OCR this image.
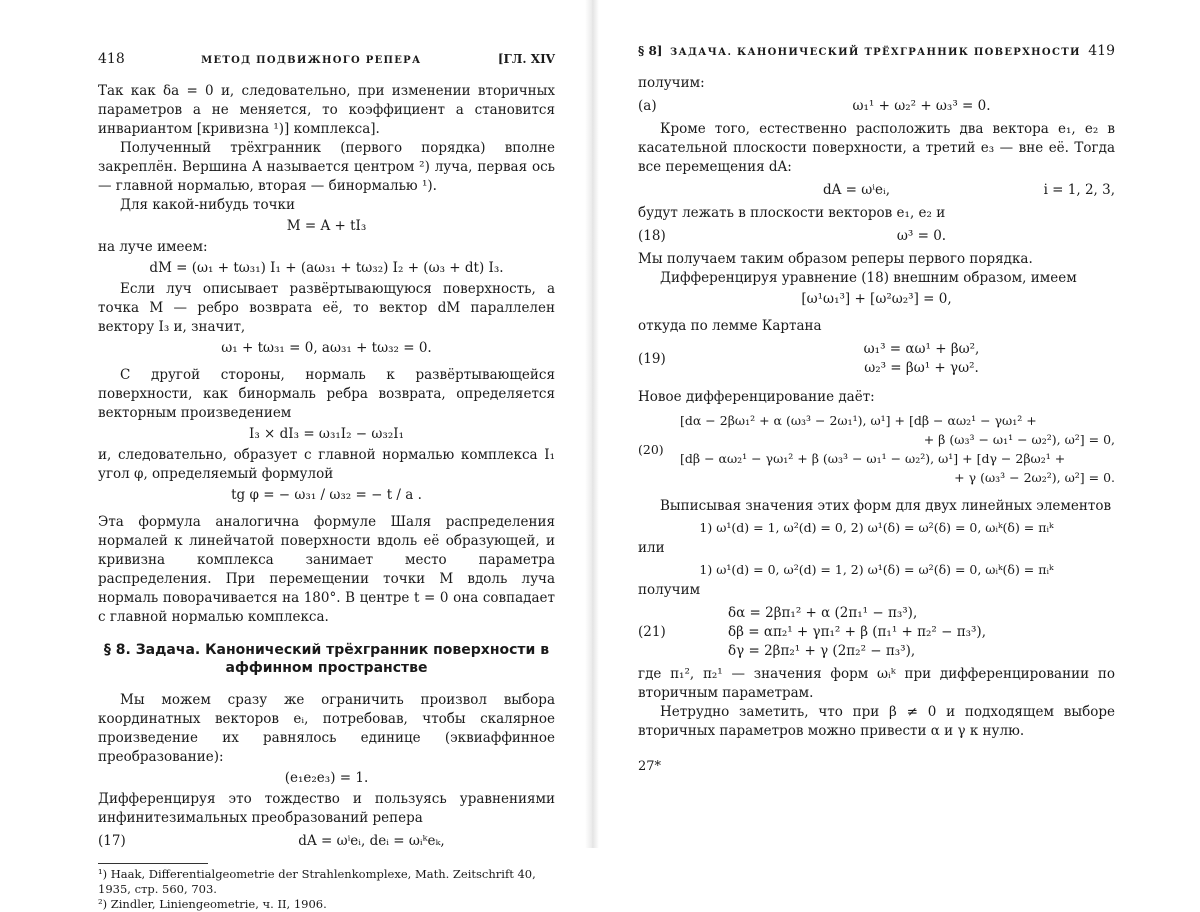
418	МЕТОД ПОДВИЖНОГО РЕПЕРА	[ГЛ. XIV

Так как δa = 0 и, следовательно, при изменении вторичных параметров a не меняется, то коэффициент a становится инвариантом [кривизна ¹)] комплекса].

Полученный трёхгранник (первого порядка) вполне закреплён. Вершина A называется центром ²) луча, первая ось — главной нормалью, вторая — бинормалью ¹).

Для какой-нибудь точки

M = A + tI₃

на луче имеем:

dM = (ω₁ + tω₃₁) I₁ + (aω₃₁ + tω₃₂) I₂ + (ω₃ + dt) I₃.

Если луч описывает развёртывающуюся поверхность, а точка M — ребро возврата её, то вектор dM параллелен вектору I₃ и, значит,

ω₁ + tω₃₁ = 0, aω₃₁ + tω₃₂ = 0.

С другой стороны, нормаль к развёртывающейся поверхности, как бинормаль ребра возврата, определяется векторным произведением

I₃ × dI₃ = ω₃₁I₂ − ω₃₂I₁

и, следовательно, образует с главной нормалью комплекса I₁ угол φ, определяемый формулой

tg φ = − ω₃₁ / ω₃₂ = − t / a .

Эта формула аналогична формуле Шаля распределения нормалей к линейчатой поверхности вдоль её образующей, и кривизна комплекса занимает место параметра распределения. При перемещении точки M вдоль луча нормаль поворачивается на 180°. В центре t = 0 она совпадает с главной нормалью комплекса.

§ 8. Задача. Канонический трёхгранник поверхности в аффинном пространстве

Мы можем сразу же ограничить произвол выбора координатных векторов eᵢ, потребовав, чтобы скалярное произведение их равнялось единице (эквиаффинное преобразование):

(e₁e₂e₃) = 1.

Дифференцируя это тождество и пользуясь уравнениями инфинитезимальных преобразований репера

(17)	dA = ωⁱeᵢ, deᵢ = ωᵢᵏeₖ,

¹) Haak, Differentialgeometrie der Strahlenkomplexe, Math. Zeitschrift 40, 1935, стр. 560, 703.

²) Zindler, Liniengeometrie, ч. II, 1906.

§ 8] ЗАДАЧА. КАНОНИЧЕСКИЙ ТРЁХГРАННИК ПОВЕРХНОСТИ 419

получим:

(a)	ω₁¹ + ω₂² + ω₃³ = 0.

Кроме того, естественно расположить два вектора e₁, e₂ в касательной плоскости поверхности, а третий e₃ — вне её. Тогда все перемещения dA:

dA = ωⁱeᵢ,	i = 1, 2, 3,

будут лежать в плоскости векторов e₁, e₂ и

(18)	ω³ = 0.

Мы получаем таким образом реперы первого порядка.

Дифференцируя уравнение (18) внешним образом, имеем

[ω¹ω₁³] + [ω²ω₂³] = 0,

откуда по лемме Картана

(19)
ω₁³ = αω¹ + βω²,
ω₂³ = βω¹ + γω².

Новое дифференцирование даёт:

(20)
[dα − 2βω₁² + α (ω₃³ − 2ω₁¹), ω¹] + [dβ − αω₂¹ − γω₁² +
+ β (ω₃³ − ω₁¹ − ω₂²), ω²] = 0,
[dβ − αω₂¹ − γω₁² + β (ω₃³ − ω₁¹ − ω₂²), ω¹] + [dγ − 2βω₂¹ +
+ γ (ω₃³ − 2ω₂²), ω²] = 0.

Выписывая значения этих форм для двух линейных элементов

1) ω¹(d) = 1, ω²(d) = 0, 2) ω¹(δ) = ω²(δ) = 0, ωᵢᵏ(δ) = πᵢᵏ

или

1) ω¹(d) = 0, ω²(d) = 1, 2) ω¹(δ) = ω²(δ) = 0, ωᵢᵏ(δ) = πᵢᵏ

получим

(21)
δα = 2βπ₁² + α (2π₁¹ − π₃³),
δβ = απ₂¹ + γπ₁² + β (π₁¹ + π₂² − π₃³),
δγ = 2βπ₂¹ + γ (2π₂² − π₃³),

где π₁², π₂¹ — значения форм ωᵢᵏ при дифференцировании по вторичным параметрам.

Нетрудно заметить, что при β ≠ 0 и подходящем выборе вторичных параметров можно привести α и γ к нулю.

27*
